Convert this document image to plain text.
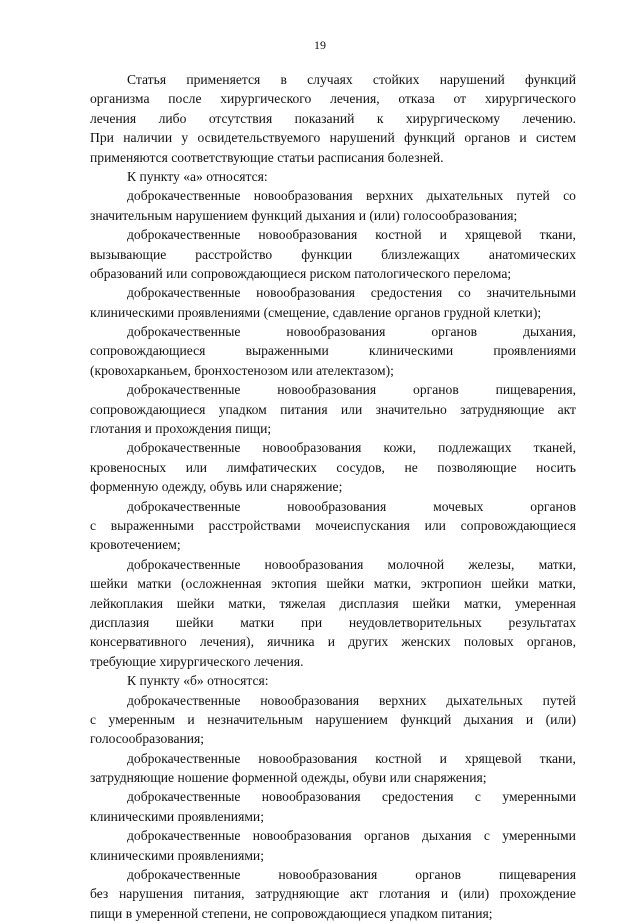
19
Статья применяется в случаях стойких нарушений функций
организма после хирургического лечения, отказа от хирургического
лечения либо отсутствия показаний к хирургическому лечению.
При наличии у освидетельствуемого нарушений функций органов и систем
применяются соответствующие статьи расписания болезней.
К пункту «а» относятся:
доброкачественные новообразования верхних дыхательных путей со
значительным нарушением функций дыхания и (или) голосообразования;
доброкачественные новообразования костной и хрящевой ткани,
вызывающие расстройство функции близлежащих анатомических
образований или сопровождающиеся риском патологического перелома;
доброкачественные новообразования средостения со значительными
клиническими проявлениями (смещение, сдавление органов грудной клетки);
доброкачественные	новообразования	органов	дыхания,
сопровождающиеся	выраженными	клиническими	проявлениями
(кровохарканьем, бронхостенозом или ателектазом);
доброкачественные	новообразования	органов	пищеварения,
сопровождающиеся упадком питания или значительно затрудняющие акт
глотания и прохождения пищи;
доброкачественные новообразования кожи, подлежащих тканей,
кровеносных или лимфатических сосудов, не позволяющие носить
форменную одежду, обувь или снаряжение;
доброкачественные	новообразования	мочевых	органов
с выраженными расстройствами мочеиспускания или сопровождающиеся
кровотечением;
доброкачественные новообразования молочной железы, матки,
шейки матки (осложненная эктопия шейки матки, эктропион шейки матки,
лейкоплакия шейки матки, тяжелая дисплазия шейки матки, умеренная
дисплазия шейки матки при неудовлетворительных результатах
консервативного лечения), яичника и других женских половых органов,
требующие хирургического лечения.
К пункту «б» относятся:
доброкачественные новообразования верхних дыхательных путей
с умеренным и незначительным нарушением функций дыхания и (или)
голосообразования;
доброкачественные новообразования костной и хрящевой ткани,
затрудняющие ношение форменной одежды, обуви или снаряжения;
доброкачественные новообразования средостения с умеренными
клиническими проявлениями;
доброкачественные новообразования органов дыхания с умеренными
клиническими проявлениями;
доброкачественные	новообразования	органов	пищеварения
без нарушения питания, затрудняющие акт глотания и (или) прохождение
пищи в умеренной степени, не сопровождающиеся упадком питания;
